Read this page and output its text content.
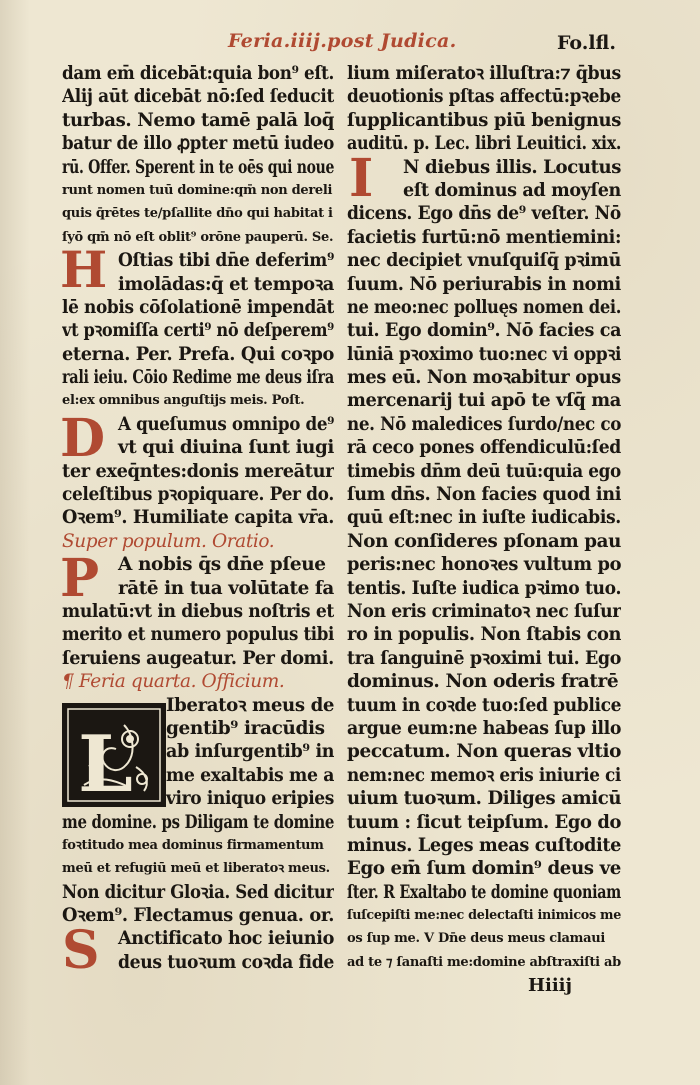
Feria.iiij.post Judica.	Fo.lfl.
dam em̄ dicebāt:quia bon⁹ eſt.
Alij aūt dicebāt nō:ſed ſeducit
turbas. Nemo tamē palā loq̄
batur de illo ꝓpter metū iudeo
rū. Offer. Sperent in te oēs qui noue
runt nomen tuū domine:qm̄ non dereli
quis q̄rētes te/pſallite dn̄o qui habitat i
ſyō qm̄ nō eſt oblit⁹ orōne pauperū. Se.
Oſtias tibi dn̄e deferim⁹
imolādas:q̄ et tempoꝛa
lē nobis cōſolationē impendāt
vt pꝛomiſſa certi⁹ nō deſperem⁹
eterna. Per. Prefa. Qui coꝛpo
rali ieiu. Cōio Redime me deus iſra
el:ex omnibus anguſtijs meis. Poſt.
A queſumus omnipo de⁹
vt qui diuina ſunt iugi
ter exeq̄ntes:donis mereātur
celeſtibus pꝛopiquare. Per do.
Oꝛem⁹. Humiliate capita vr̄a.
Super populum. Oratio.
A nobis q̄s dn̄e pſeue
rātē in tua volūtate fa
mulatū:vt in diebus noſtris et
merito et numero populus tibi
ſeruiens augeatur. Per domi.
¶ Feria quarta. Officium.
Iberatoꝛ meus de
gentib⁹ iracūdis
ab inſurgentib⁹ in
me exaltabis me a
viro iniquo eripies
me domine. ps Diligam te domine
foꝛtitudo mea dominus firmamentum
meū et refugiū meū et liberatoꝛ meus.
Non dicitur Gloꝛia. Sed dicitur
Oꝛem⁹. Flectamus genua. or.
Anctificato hoc ieiunio
deus tuoꝛum coꝛda fide
lium miſeratoꝛ illuſtra:⁊ q̄bus
deuotionis pſtas affectū:pꝛebe
ſupplicantibus piū benignus
auditū. p. Lec. libri Leuitici. xix.
N diebus illis. Locutus
eſt dominus ad moyſen
dicens. Ego dn̄s de⁹ veſter. Nō
facietis furtū:nō mentiemini:
nec decipiet vnuſquiſq̄ pꝛimū
ſuum. Nō periurabis in nomi
ne meo:nec polluęs nomen dei.
tui. Ego domin⁹. Nō facies ca
lūniā pꝛoximo tuo:nec vi oppꝛi
mes eū. Non moꝛabitur opus
mercenarij tui apō te vſq̄ ma
ne. Nō maledices ſurdo/nec co
rā ceco pones offendiculū:ſed
timebis dn̄m deū tuū:quia ego
ſum dn̄s. Non facies quod ini
quū eſt:nec in iuſte iudicabis.
Non conſideres pſonam pau
peris:nec honoꝛes vultum po
tentis. Iuſte iudica pꝛimo tuo.
Non eris criminatoꝛ nec ſuſur
ro in populis. Non ſtabis con
tra ſanguinē pꝛoximi tui. Ego
dominus. Non oderis fratrē
tuum in coꝛde tuo:ſed publice
argue eum:ne habeas ſup illo
peccatum. Non queras vltio
nem:nec memoꝛ eris iniurie ci
uium tuoꝛum. Diliges amicū
tuum : ſicut teipſum. Ego do
minus. Leges meas cuſtodite
Ego em̄ ſum domin⁹ deus ve
ſter. R Exaltabo te domine quoniam
ſuſcepiſti me:nec delectaſti inimicos me
os ſup me. V Dn̄e deus meus clamaui
ad te ⁊ ſanaſti me:domine abſtraxiſti ab
H
D
P
I
S
L
Hiiij
